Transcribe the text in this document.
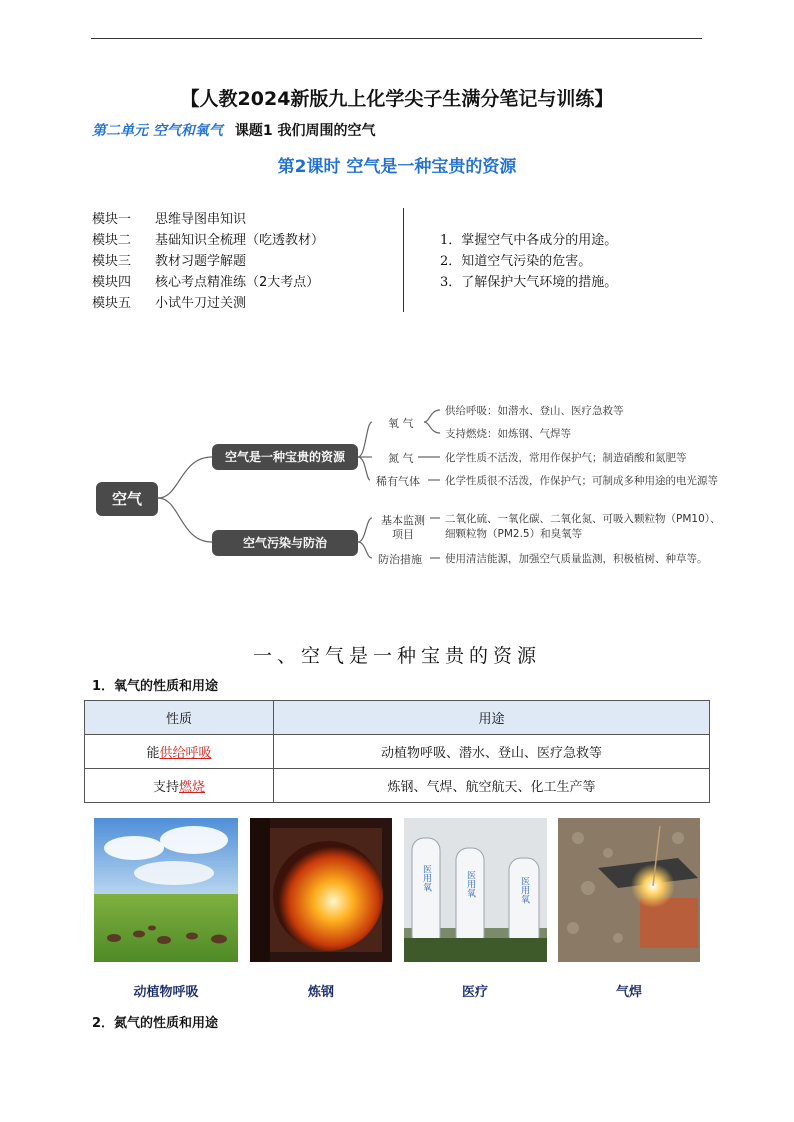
【人教2024新版九上化学尖子生满分笔记与训练】
第二单元 空气和氧气 课题1 我们周围的空气
第2课时 空气是一种宝贵的资源
模块一 思维导图串知识
模块二 基础知识全梳理（吃透教材）
模块三 教材习题学解题
模块四 核心考点精准练（2大考点）
模块五 小试牛刀过关测
1．掌握空气中各成分的用途。
2．知道空气污染的危害。
3．了解保护大气环境的措施。
空气
空气是一种宝贵的资源
空气污染与防治
氧 气
供给呼吸：如潜水、登山、医疗急救等
支持燃烧：如炼钢、气焊等
氮 气	化学性质不活泼，常用作保护气；制造硝酸和氮肥等
稀有气体 化学性质很不活泼，作保护气；可制成多种用途的电光源等
基本监测
项目
二氧化硫、一氧化碳、二氧化氮、可吸入颗粒物（PM10）、
细颗粒物（PM2.5）和臭氧等
防治措施 使用清洁能源，加强空气质量监测，积极植树、种草等。
一、空气是一种宝贵的资源
1．氧气的性质和用途
性质	用途
能供给呼吸	动植物呼吸、潜水、登山、医疗急救等
支持燃烧	炼钢、气焊、航空航天、化工生产等
医用氧	医用氧	医用氧
动植物呼吸	炼钢	医疗	气焊
2．氮气的性质和用途
